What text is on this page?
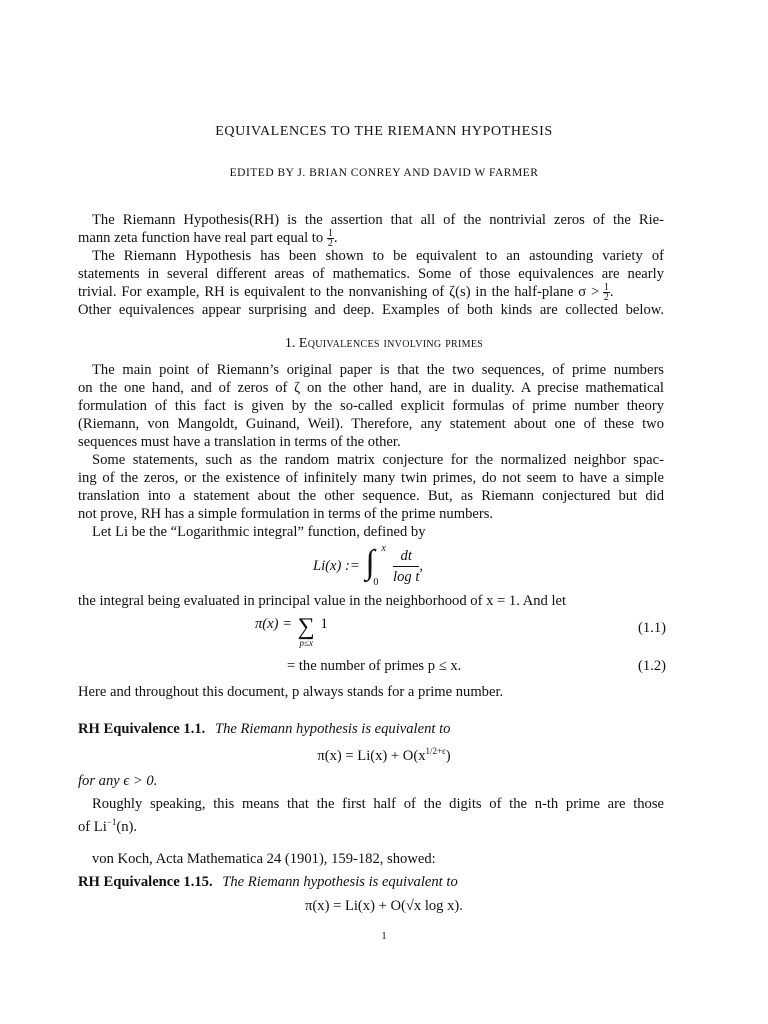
EQUIVALENCES TO THE RIEMANN HYPOTHESIS
EDITED BY J. BRIAN CONREY AND DAVID W FARMER
The Riemann Hypothesis(RH) is the assertion that all of the nontrivial zeros of the Rie-
mann zeta function have real part equal to $\frac{1}{2}$ .
The Riemann Hypothesis has been shown to be equivalent to an astounding variety of
statements in several different areas of mathematics. Some of those equivalences are nearly
trivial. For example, RH is equivalent to the nonvanishing of ζ(s) in the half-plane $\sigma > \frac{1}{2}$ .
Other equivalences appear surprising and deep. Examples of both kinds are collected below.
1. Equivalences involving primes
The main point of Riemann’s original paper is that the two sequences, of prime numbers
on the one hand, and of zeros of ζ on the other hand, are in duality. A precise mathematical
formulation of this fact is given by the so-called explicit formulas of prime number theory
(Riemann, von Mangoldt, Guinand, Weil). Therefore, any statement about one of these two
sequences must have a translation in terms of the other.
Some statements, such as the random matrix conjecture for the normalized neighbor spac-
ing of the zeros, or the existence of infinitely many twin primes, do not seem to have a simple
translation into a statement about the other sequence. But, as Riemann conjectured but did
not prove, RH has a simple formulation in terms of the prime numbers.
Let Li be the “Logarithmic integral” function, defined by
Li(x) := ∫ x
0
$\frac{dt}{\text{log t}}$ ,
the integral being evaluated in principal value in the neighborhood of x = 1. And let
π(x) = ∑
p≤x
1	(1.1)
= the number of primes p ≤ x.	(1.2)
Here and throughout this document, p always stands for a prime number.
RH Equivalence 1.1. The Riemann hypothesis is equivalent to
$\pi(x) = Li(x) + O(x^{1/2+\epsilon})$
for any ϵ > 0.
Roughly speaking, this means that the first half of the digits of the n-th prime are those
of $Li^{-1}(n)$.
von Koch, Acta Mathematica 24 (1901), 159-182, showed:
RH Equivalence 1.15. The Riemann hypothesis is equivalent to
π(x) = Li(x) + O(√x log x).
1
